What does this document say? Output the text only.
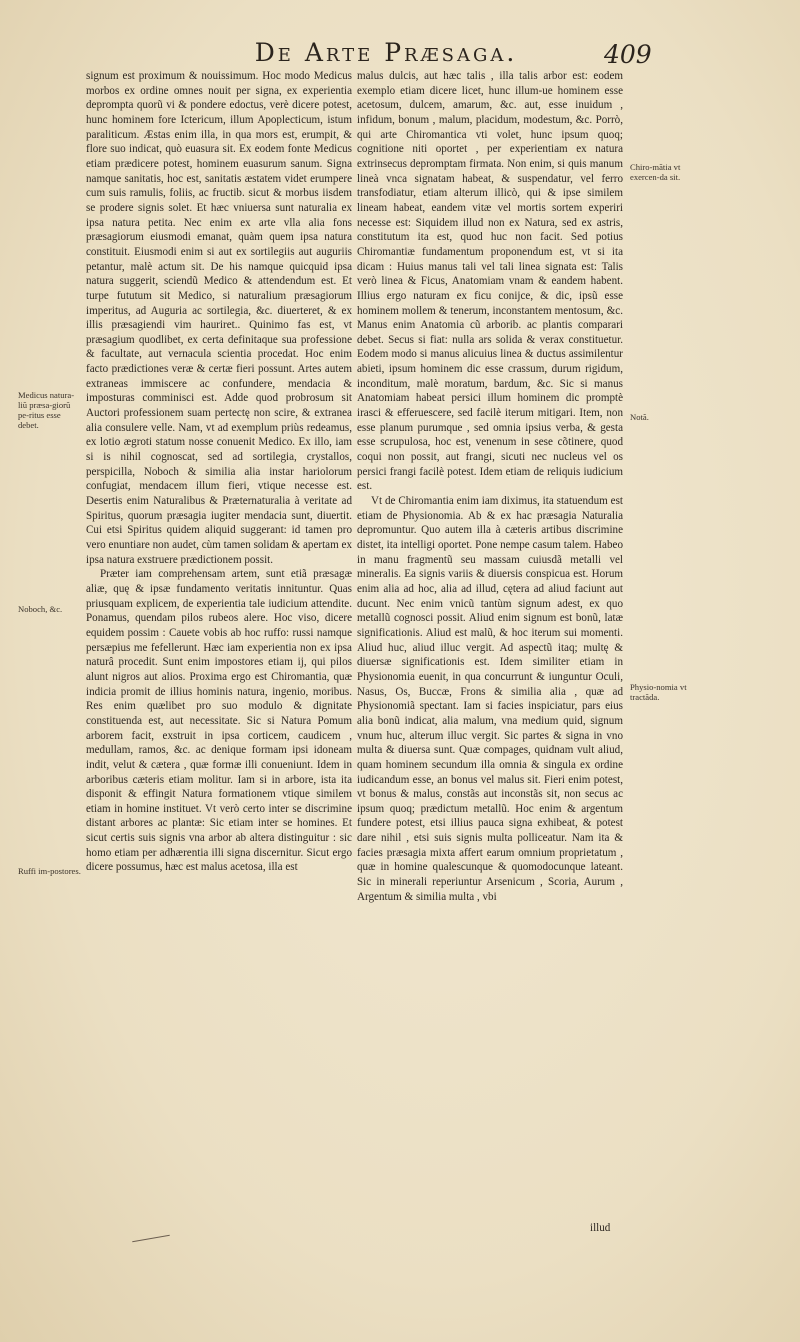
De Arte Præsaga.	409

signum est proximum & nouissimum. Hoc modo Medicus morbos ex ordine omnes nouit per signa, ex experientia deprompta quorũ vi & pondere edoctus, verè dicere potest, hunc hominem fore Ictericum, illum Apoplecticum, istum paraliticum. Æstas enim illa, in qua mors est, erumpit, & flore suo indicat, quò euasura sit. Ex eodem fonte Medicus etiam prædicere potest, hominem euasurum sanum. Signa namque sanitatis, hoc est, sanitatis æstatem videt erumpere cum suis ramulis, foliis, ac fructib. sicut & morbus iisdem se prodere signis solet. Et hæc vniuersa sunt naturalia ex ipsa natura petita. Nec enim ex arte vlla alia fons præsagiorum eiusmodi emanat, quàm quem ipsa natura constituit. Eiusmodi enim si aut ex sortilegiis aut auguriis petantur, malè actum sit. De his namque quicquid ipsa natura suggerit, sciendũ Medico & attendendum est. Et turpe fututum sit Medico, si naturalium præsagiorum imperitus, ad Auguria ac sortilegia, &c. diuerteret, & ex illis præsagiendi vim hauriret.. Quinimo fas est, vt præsagium quodlibet, ex certa definitaque sua professione & facultate, aut vernacula scientia procedat. Hoc enim facto prædictiones veræ & certæ fieri possunt. Artes autem extraneas immiscere ac confundere, mendacia & imposturas comminisci est. Adde quod probrosum sit Auctori professionem suam pertectę non scire, & extranea alia consulere velle. Nam, vt ad exemplum priùs redeamus, ex lotio ægroti statum nosse conuenit Medico. Ex illo, iam si is nihil cognoscat, sed ad sortilegia, crystallos, perspicilla, Noboch & similia alia instar hariolorum confugiat, mendacem illum fieri, vtique necesse est. Desertis enim Naturalibus & Præternaturalia à veritate ad Spiritus, quorum præsagia iugiter mendacia sunt, diuertit. Cui etsi Spiritus quidem aliquid suggerant: id tamen pro vero enuntiare non audet, cùm tamen solidam & apertam ex ipsa natura exstruere prædictionem possit.

Præter iam comprehensam artem, sunt etiã præsagæ aliæ, quę & ipsæ fundamento veritatis innituntur. Quas priusquam explicem, de experientia tale iudicium attendite. Ponamus, quendam pilos rubeos alere. Hoc viso, dicere equidem possim : Cauete vobis ab hoc ruffo: russi namque persæpius me fefellerunt. Hæc iam experientia non ex ipsa naturâ procedit. Sunt enim impostores etiam ij, qui pilos alunt nigros aut alios. Proxima ergo est Chiromantia, quæ indicia promit de illius hominis natura, ingenio, moribus. Res enim quælibet pro suo modulo & dignitate constituenda est, aut necessitate. Sic si Natura Pomum arborem facit, exstruit in ipsa corticem, caudicem , medullam, ramos, &c. ac denique formam ipsi idoneam indit, velut & cætera , quæ formæ illi conueniunt. Idem in arboribus cæteris etiam molitur. Iam si in arbore, ista ita disponit & effingit Natura formationem vtique similem etiam in homine instituet. Vt verò certo inter se discrimine distant arbores ac plantæ: Sic etiam inter se homines. Et sicut certis suis signis vna arbor ab altera distinguitur : sic homo etiam per adhærentia illi signa discernitur. Sicut ergo dicere possumus, hæc est malus acetosa, illa est

malus dulcis, aut hæc talis , illa talis arbor est: eodem exemplo etiam dicere licet, hunc illum-ue hominem esse acetosum, dulcem, amarum, &c. aut, esse inuidum , infidum, bonum , malum, placidum, modestum, &c. Porrò, qui arte Chiromantica vti volet, hunc ipsum quoq; cognitione niti oportet , per experientiam ex natura extrinsecus depromptam firmata. Non enim, si quis manum lineà vnca signatam habeat, & suspendatur, vel ferro transfodiatur, etiam alterum illicò, qui & ipse similem lineam habeat, eandem vitæ vel mortis sortem experiri necesse est: Siquidem illud non ex Natura, sed ex astris, constitutum ita est, quod huc non facit. Sed potius Chiromantiæ fundamentum proponendum est, vt si ita dicam : Huius manus tali vel tali linea signata est: Talis verò linea & Ficus, Anatomiam vnam & eandem habent. Illius ergo naturam ex ficu conijce, & dic, ipsũ esse hominem mollem & tenerum, inconstantem mentosum, &c. Manus enim Anatomia cũ arborib. ac plantis comparari debet. Secus si fiat: nulla ars solida & verax constituetur. Eodem modo si manus alicuius linea & ductus assimilentur abieti, ipsum hominem dic esse crassum, durum rigidum, inconditum, malè moratum, bardum, &c. Sic si manus Anatomiam habeat persici illum hominem dic promptè irasci & efferuescere, sed facilè iterum mitigari. Item, non esse planum purumque , sed omnia ipsius verba, & gesta esse scrupulosa, hoc est, venenum in sese cõtinere, quod coqui non possit, aut frangi, sicuti nec nucleus vel os persici frangi facilè potest. Idem etiam de reliquis iudicium est.

Vt de Chiromantia enim iam diximus, ita statuendum est etiam de Physionomia. Ab & ex hac præsagia Naturalia depromuntur. Quo autem illa à cæteris artibus discrimine distet, ita intelligi oportet. Pone nempe casum talem. Habeo in manu fragmentũ seu massam cuiusdã metalli vel mineralis. Ea signis variis & diuersis conspicua est. Horum enim alia ad hoc, alia ad illud, cętera ad aliud faciunt aut ducunt. Nec enim vnicũ tantùm signum adest, ex quo metallũ cognosci possit. Aliud enim signum est bonũ, latæ significationis. Aliud est malũ, & hoc iterum sui momenti. Aliud huc, aliud illuc vergit. Ad aspectũ itaq; multę & diuersæ significationis est. Idem similiter etiam in Physionomia euenit, in qua concurrunt & iunguntur Oculi, Nasus, Os, Buccæ, Frons & similia alia , quæ ad Physionomiã spectant. Iam si facies inspiciatur, pars eius alia bonũ indicat, alia malum, vna medium quid, signum vnum huc, alterum illuc vergit. Sic partes & signa in vno multa & diuersa sunt. Quæ compages, quidnam vult aliud, quam hominem secundum illa omnia & singula ex ordine iudicandum esse, an bonus vel malus sit. Fieri enim potest, vt bonus & malus, constãs aut inconstãs sit, non secus ac ipsum quoq; prædictum metallũ. Hoc enim & argentum fundere potest, etsi illius pauca signa exhibeat, & potest dare nihil , etsi suis signis multa polliceatur. Nam ita & facies præsagia mixta affert earum omnium proprietatum , quæ in homine qualescunque & quomodocunque lateant. Sic in minerali reperiuntur Arsenicum , Scoria, Aurum , Argentum & similia multa , vbi

Medicus natura-liũ præsa-giorũ pe-ritus esse debet.
Noboch, &c.
Ruffi im-postores.
Chiro-mãtia vt exercen-da sit.
Notã.
Physio-nomia vt tractãda.
illud
